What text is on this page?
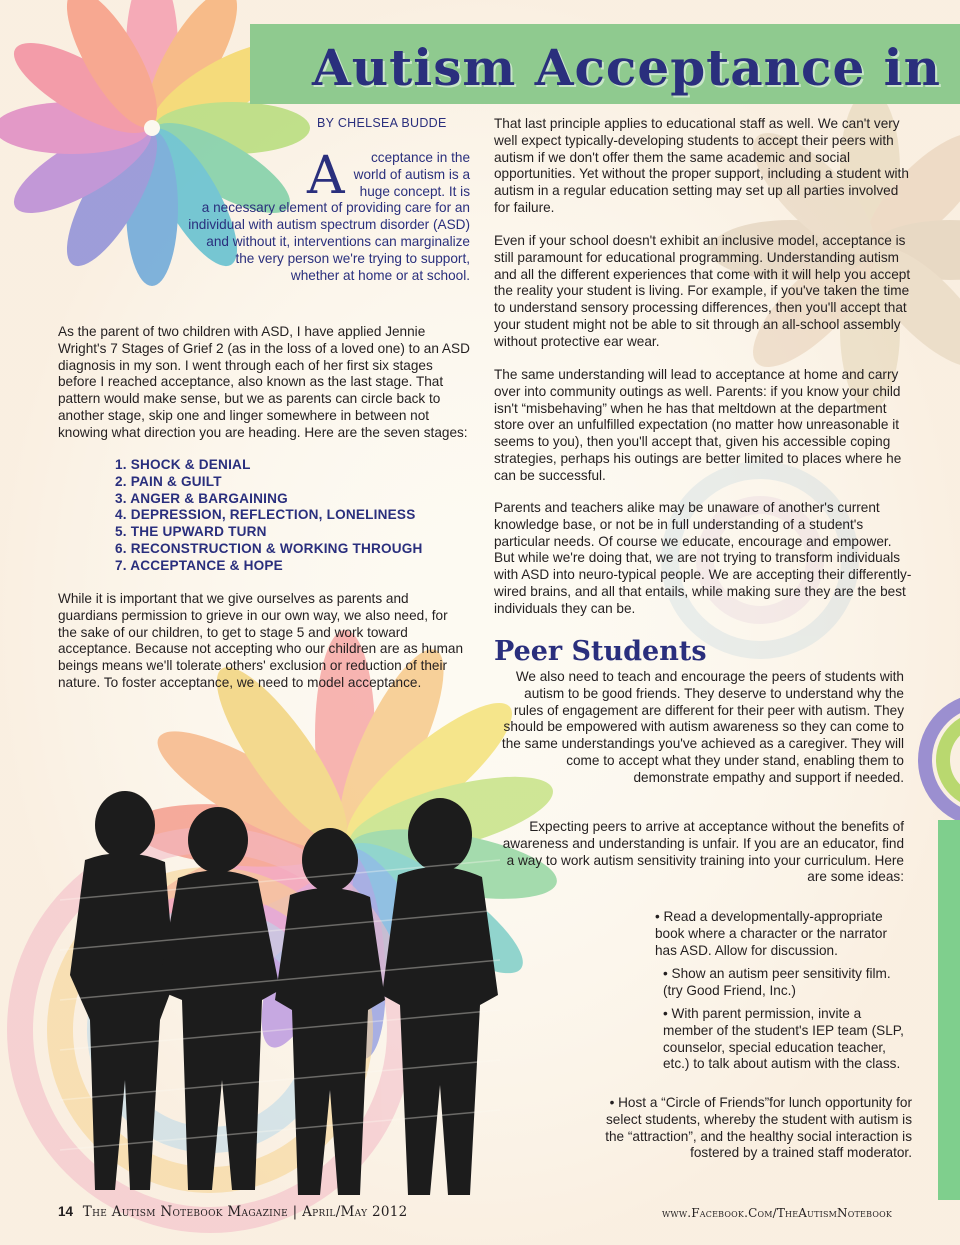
Autism Acceptance in
BY CHELSEA BUDDE
A cceptance in the world of autism is a huge concept. It is a necessary element of providing care for an individual with autism spectrum disorder (ASD) and without it, interventions can marginalize the very person we're trying to support, whether at home or at school.

As the parent of two children with ASD, I have applied Jennie Wright's 7 Stages of Grief 2 (as in the loss of a loved one) to an ASD diagnosis in my son. I went through each of her first six stages before I reached acceptance, also known as the last stage. That pattern would make sense, but we as parents can circle back to another stage, skip one and linger somewhere in between not knowing what direction you are heading. Here are the seven stages:

1. SHOCK & DENIAL
2. PAIN & GUILT
3. ANGER & BARGAINING
4. DEPRESSION, REFLECTION, LONELINESS
5. THE UPWARD TURN
6. RECONSTRUCTION & WORKING THROUGH
7. ACCEPTANCE & HOPE

While it is important that we give ourselves as parents and guardians permission to grieve in our own way, we also need, for the sake of our children, to get to stage 5 and work toward acceptance. Because not accepting who our children are as human beings means we'll tolerate others' exclusion or reduction of their nature. To foster acceptance, we need to model acceptance.

That last principle applies to educational staff as well. We can't very well expect typically-developing students to accept their peers with autism if we don't offer them the same academic and social opportunities. Yet without the proper support, including a student with autism in a regular education setting may set up all parties involved for failure.

Even if your school doesn't exhibit an inclusive model, acceptance is still paramount for educational programming. Understanding autism and all the different experiences that come with it will help you accept the reality your student is living. For example, if you've taken the time to understand sensory processing differences, then you'll accept that your student might not be able to sit through an all-school assembly without protective ear wear.

The same understanding will lead to acceptance at home and carry over into community outings as well. Parents: if you know your child isn't “misbehaving” when he has that meltdown at the department store over an unfulfilled expectation (no matter how unreasonable it seems to you), then you'll accept that, given his accessible coping strategies, perhaps his outings are better limited to places where he can be successful.

Parents and teachers alike may be unaware of another's current knowledge base, or not be in full understanding of a student's particular needs. Of course we educate, encourage and empower. But while we're doing that, we are not trying to transform individuals with ASD into neuro-typical people. We are accepting their differently-wired brains, and all that entails, while making sure they are the best individuals they can be.

Peer Students

We also need to teach and encourage the peers of students with autism to be good friends. They deserve to understand why the rules of engagement are different for their peer with autism. They should be empowered with autism awareness so they can come to the same understandings you've achieved as a caregiver. They will come to accept what they under stand, enabling them to demonstrate empathy and support if needed.

Expecting peers to arrive at acceptance without the benefits of awareness and understanding is unfair. If you are an educator, find a way to work autism sensitivity training into your curriculum. Here are some ideas:

• Read a developmentally-appropriate book where a character or the narrator has ASD. Allow for discussion.
• Show an autism peer sensitivity film. (try Good Friend, Inc.)
• With parent permission, invite a member of the student's IEP team (SLP, counselor, special education teacher, etc.) to talk about autism with the class.
• Host a “Circle of Friends”for lunch opportunity for select students, whereby the student with autism is the “attraction”, and the healthy social interaction is fostered by a trained staff moderator.
14 The Autism Notebook Magazine | April/May 2012	www.Facebook.Com/TheAutismNotebook
